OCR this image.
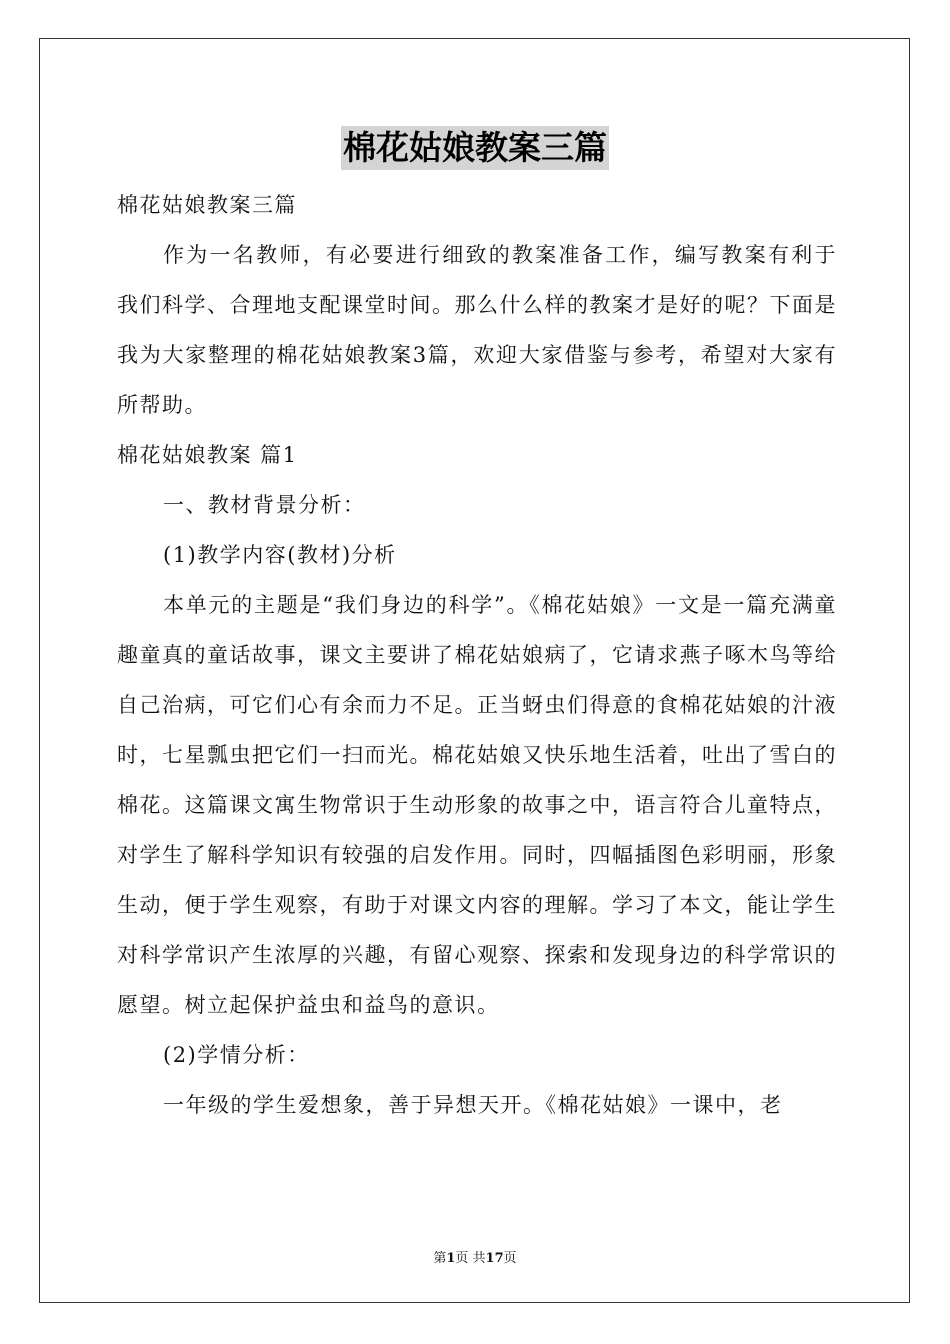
棉花姑娘教案三篇

棉花姑娘教案三篇

作为一名教师，有必要进行细致的教案准备工作，编写教案有利于我们科学、合理地支配课堂时间。那么什么样的教案才是好的呢？下面是我为大家整理的棉花姑娘教案3篇，欢迎大家借鉴与参考，希望对大家有所帮助。

棉花姑娘教案 篇1

一、教材背景分析：

(1)教学内容(教材)分析

本单元的主题是“我们身边的科学”。《棉花姑娘》一文是一篇充满童趣童真的童话故事，课文主要讲了棉花姑娘病了，它请求燕子啄木鸟等给自己治病，可它们心有余而力不足。正当蚜虫们得意的食棉花姑娘的汁液时，七星瓢虫把它们一扫而光。棉花姑娘又快乐地生活着，吐出了雪白的棉花。这篇课文寓生物常识于生动形象的故事之中，语言符合儿童特点，对学生了解科学知识有较强的启发作用。同时，四幅插图色彩明丽，形象生动，便于学生观察，有助于对课文内容的理解。学习了本文，能让学生对科学常识产生浓厚的兴趣，有留心观察、探索和发现身边的科学常识的愿望。树立起保护益虫和益鸟的意识。

(2)学情分析：

一年级的学生爱想象，善于异想天开。《棉花姑娘》一课中，老

第1页 共17页
